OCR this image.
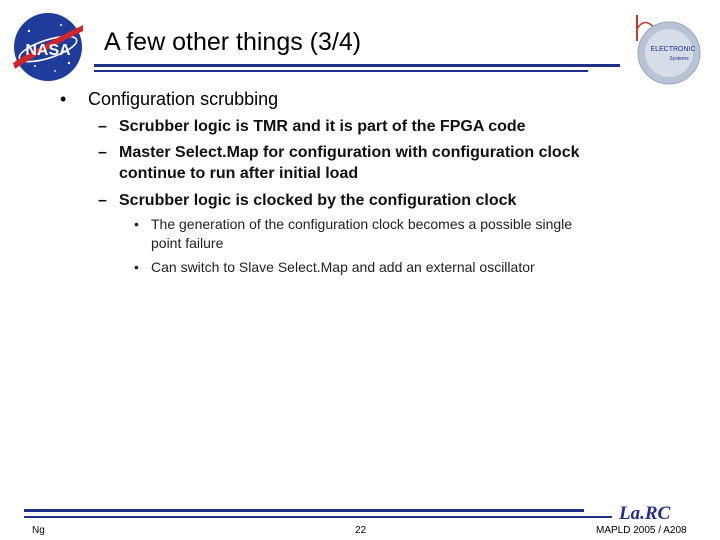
NASA A few other things (3/4)	ELECTRONIC
Systems
• Configuration scrubbing
– Scrubber logic is TMR and it is part of the FPGA code
– Master Select.Map for configuration with configuration clock
continue to run after initial load
– Scrubber logic is clocked by the configuration clock
• The generation of the configuration clock becomes a possible single
point failure
• Can switch to Slave Select.Map and add an external oscillator
La.RC
Ng	22	MAPLD 2005 / A208
